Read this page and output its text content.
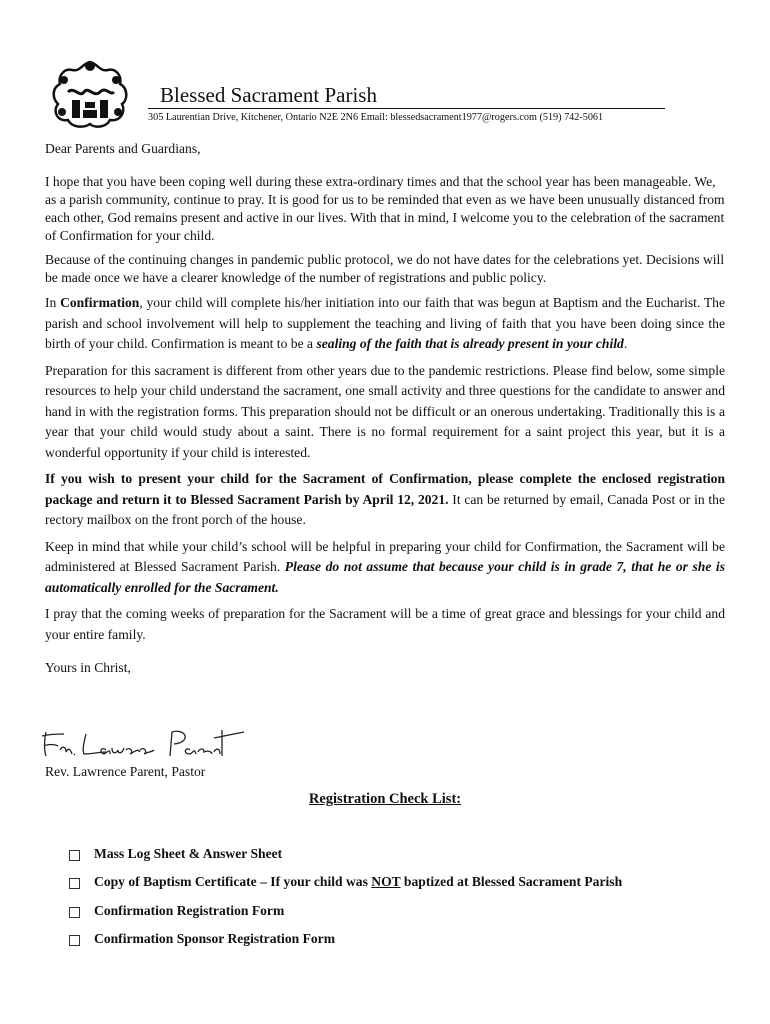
Blessed Sacrament Parish
305 Laurentian Drive, Kitchener, Ontario N2E 2N6 Email: blessedsacrament1977@rogers.com (519) 742-5061

Dear Parents and Guardians,

I hope that you have been coping well during these extra-ordinary times and that the school year has been manageable. We, as a parish community, continue to pray. It is good for us to be reminded that even as we have been unusually distanced from each other, God remains present and active in our lives. With that in mind, I welcome you to the celebration of the sacrament of Confirmation for your child.

Because of the continuing changes in pandemic public protocol, we do not have dates for the celebrations yet. Decisions will be made once we have a clearer knowledge of the number of registrations and public policy.

In Confirmation, your child will complete his/her initiation into our faith that was begun at Baptism and the Eucharist. The parish and school involvement will help to supplement the teaching and living of faith that you have been doing since the birth of your child. Confirmation is meant to be a sealing of the faith that is already present in your child.

Preparation for this sacrament is different from other years due to the pandemic restrictions. Please find below, some simple resources to help your child understand the sacrament, one small activity and three questions for the candidate to answer and hand in with the registration forms. This preparation should not be difficult or an onerous undertaking. Traditionally this is a year that your child would study about a saint. There is no formal requirement for a saint project this year, but it is a wonderful opportunity if your child is interested.

If you wish to present your child for the Sacrament of Confirmation, please complete the enclosed registration package and return it to Blessed Sacrament Parish by April 12, 2021. It can be returned by email, Canada Post or in the rectory mailbox on the front porch of the house.

Keep in mind that while your child’s school will be helpful in preparing your child for Confirmation, the Sacrament will be administered at Blessed Sacrament Parish. Please do not assume that because your child is in grade 7, that he or she is automatically enrolled for the Sacrament.

I pray that the coming weeks of preparation for the Sacrament will be a time of great grace and blessings for your child and your entire family.

Yours in Christ,

Rev. Lawrence Parent, Pastor
Registration Check List:
Mass Log Sheet & Answer Sheet
Copy of Baptism Certificate – If your child was NOT baptized at Blessed Sacrament Parish
Confirmation Registration Form
Confirmation Sponsor Registration Form
